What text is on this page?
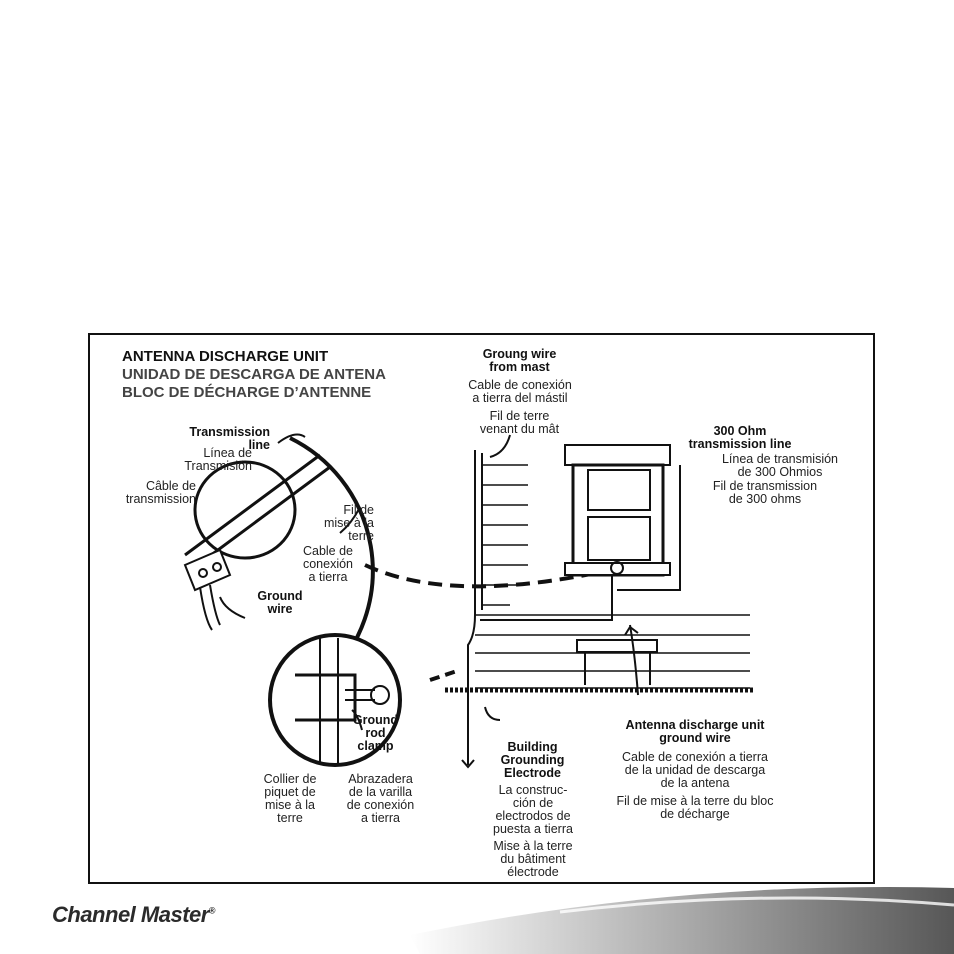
ANTENNA DISCHARGE UNIT
UNIDAD DE DESCARGA DE ANTENA
BLOC DE DÉCHARGE D’ANTENNE
Groung wire
from mast
Cable de conexión
a tierra del mástil
Fil de terre
venant du mât	300 Ohm
transmission line
Línea de transmisión
de 300 Ohmios
Fil de transmission
de 300 ohms
Transmission
line
Línea de
Transmisión
Câble de
transmission
Fil de
mise à la
terre
Cable de
conexión
a tierra
Ground
wire
Ground
rod
clamp
Collier de
piquet de
mise à la
terre
Abrazadera
de la varilla
de conexión
a tierra
Building
Grounding
Electrode
La construc-
ción de
electrodos de
puesta a tierra
Mise à la terre
du bâtiment
électrode
Antenna discharge unit
ground wire
Cable de conexión a tierra
de la unidad de descarga
de la antena
Fil de mise à la terre du bloc
de décharge
Channel Master®
